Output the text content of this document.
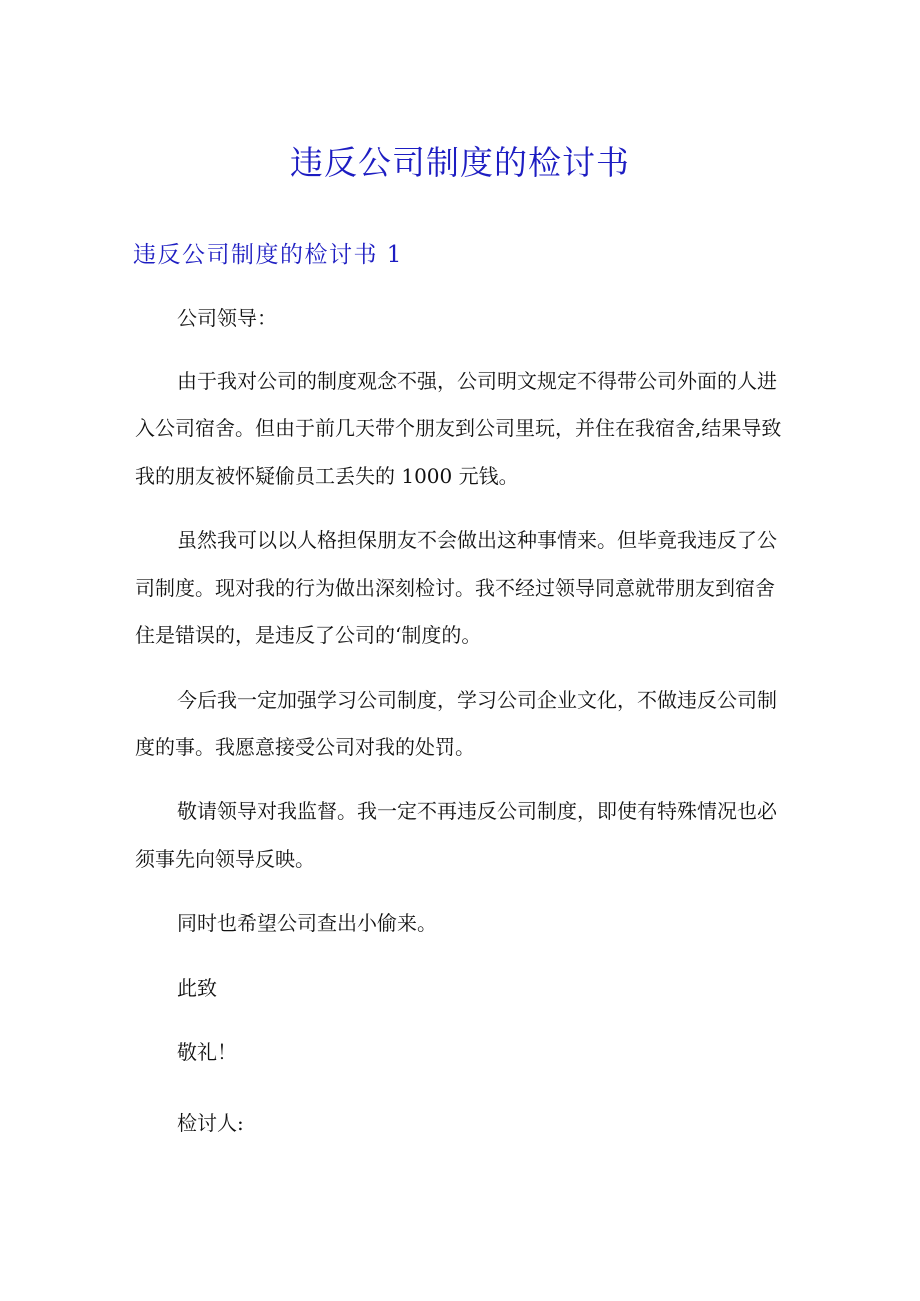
违反公司制度的检讨书
违反公司制度的检讨书 1
公司领导：
由于我对公司的制度观念不强，公司明文规定不得带公司外面的人进
入公司宿舍。但由于前几天带个朋友到公司里玩，并住在我宿舍,结果导致
我的朋友被怀疑偷员工丢失的 1000 元钱。
虽然我可以以人格担保朋友不会做出这种事情来。但毕竟我违反了公
司制度。现对我的行为做出深刻检讨。我不经过领导同意就带朋友到宿舍
住是错误的，是违反了公司的‘制度的。
今后我一定加强学习公司制度，学习公司企业文化，不做违反公司制
度的事。我愿意接受公司对我的处罚。
敬请领导对我监督。我一定不再违反公司制度，即使有特殊情况也必
须事先向领导反映。
同时也希望公司查出小偷来。
此致
敬礼！
检讨人:
